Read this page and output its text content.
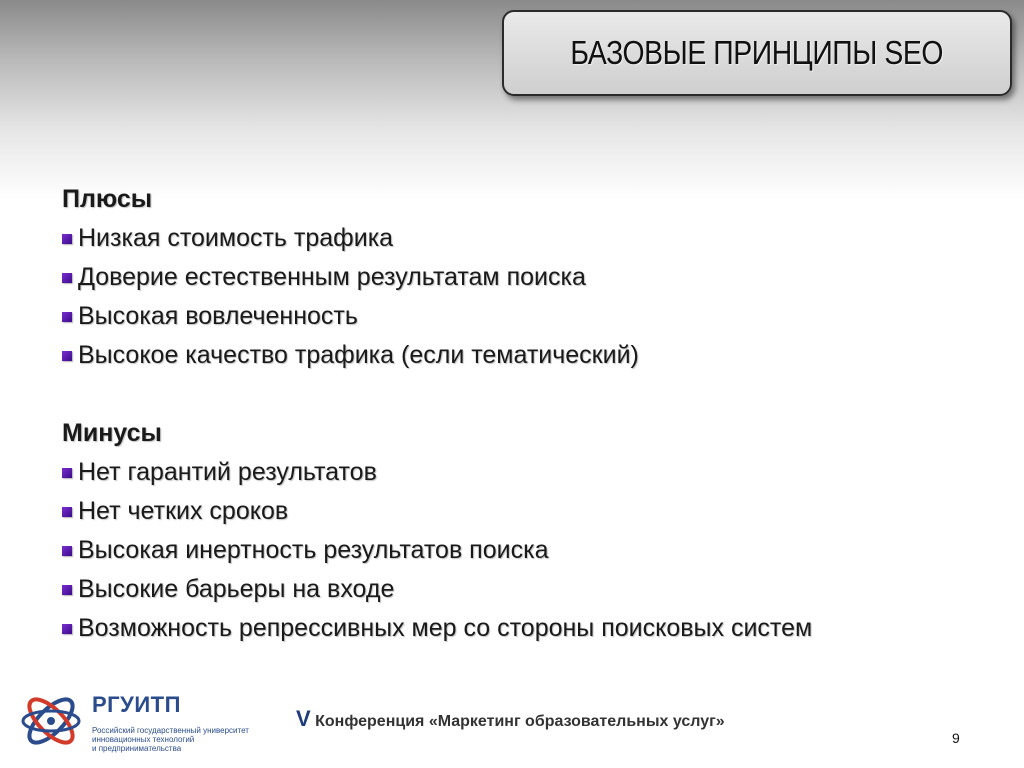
БАЗОВЫЕ ПРИНЦИПЫ SEO
Плюсы
Низкая стоимость трафика
Доверие естественным результатам поиска
Высокая вовлеченность
Высокое качество трафика (если тематический)
Минусы
Нет гарантий результатов
Нет четких сроков
Высокая инертность результатов поиска
Высокие барьеры на входе
Возможность репрессивных мер со стороны поисковых систем
РГУИТП
Российский государственный университет
инновационных технологий
и предпринимательства
V Конференция «Маркетинг образовательных услуг»
9
